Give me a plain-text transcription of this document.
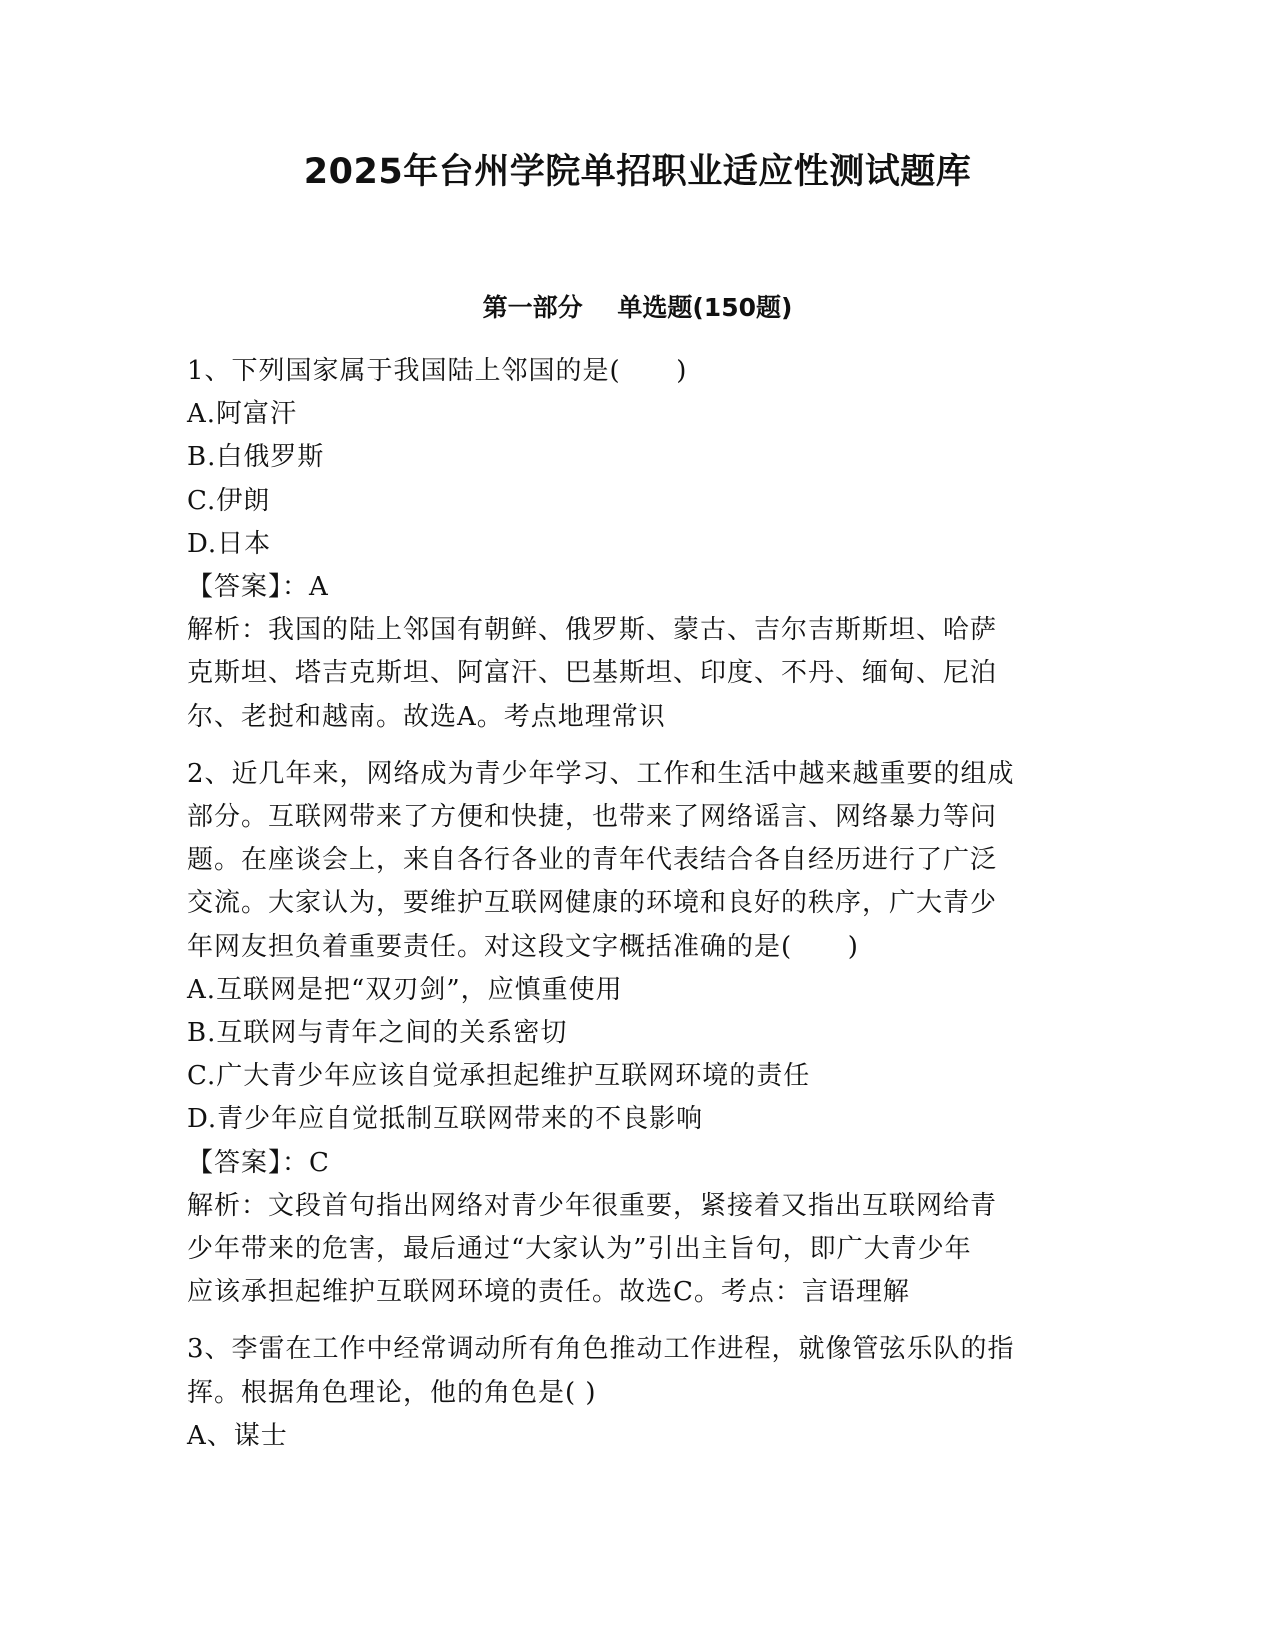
2025年台州学院单招职业适应性测试题库
第一部分    单选题(150题)

1、下列国家属于我国陆上邻国的是(      )

A.阿富汗

B.白俄罗斯

C.伊朗

D.日本

【答案】：A

解析：我国的陆上邻国有朝鲜、俄罗斯、蒙古、吉尔吉斯斯坦、哈萨

克斯坦、塔吉克斯坦、阿富汗、巴基斯坦、印度、不丹、缅甸、尼泊

尔、老挝和越南。故选A。考点地理常识

2、近几年来，网络成为青少年学习、工作和生活中越来越重要的组成

部分。互联网带来了方便和快捷，也带来了网络谣言、网络暴力等问

题。在座谈会上，来自各行各业的青年代表结合各自经历进行了广泛

交流。大家认为，要维护互联网健康的环境和良好的秩序，广大青少

年网友担负着重要责任。对这段文字概括准确的是(      )

A.互联网是把“双刃剑”，应慎重使用

B.互联网与青年之间的关系密切

C.广大青少年应该自觉承担起维护互联网环境的责任

D.青少年应自觉抵制互联网带来的不良影响

【答案】：C

解析：文段首句指出网络对青少年很重要，紧接着又指出互联网给青

少年带来的危害，最后通过“大家认为”引出主旨句，即广大青少年

应该承担起维护互联网环境的责任。故选C。考点：言语理解

3、李雷在工作中经常调动所有角色推动工作进程，就像管弦乐队的指

挥。根据角色理论，他的角色是( )

A、谋士
